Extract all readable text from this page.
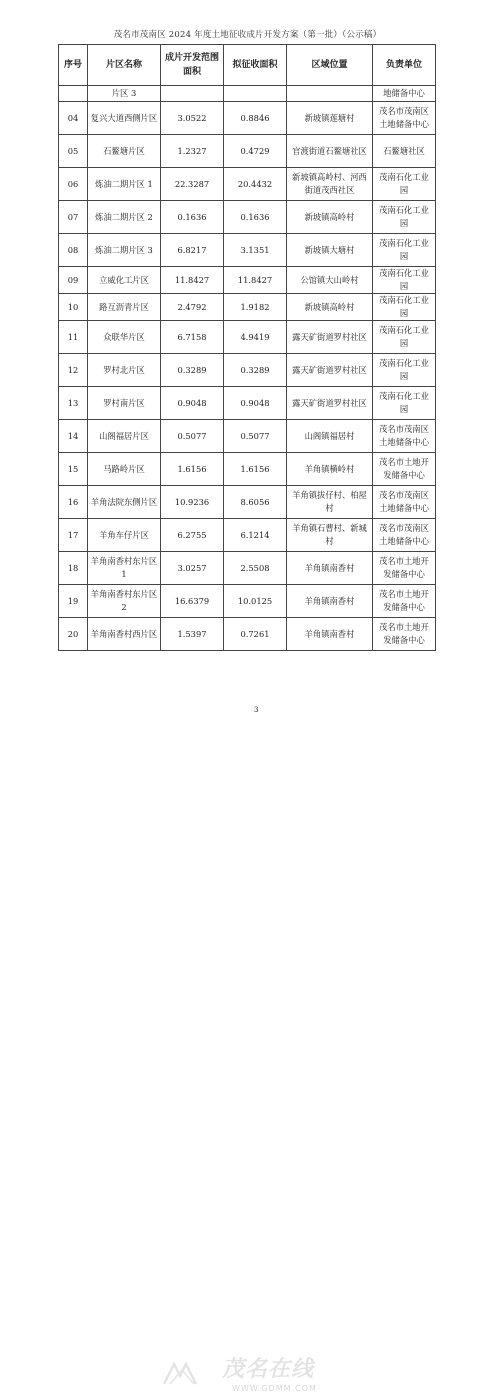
茂名市茂南区 2024 年度土地征收成片开发方案（第一批）（公示稿）
序号	片区名称	成片开发范围面积	拟征收面积	区域位置	负责单位
	片区 3				地储备中心
04	复兴大道西侧片区	3.0522	0.8846	新坡镇莲塘村	茂名市茂南区土地储备中心
05	石鳌塘片区	1.2327	0.4729	官渡街道石鳌塘社区	石鳌塘社区
06	炼油二期片区 1	22.3287	20.4432	新坡镇高岭村、河西街道茂西社区	茂南石化工业园
07	炼油二期片区 2	0.1636	0.1636	新坡镇高岭村	茂南石化工业园
08	炼油二期片区 3	6.8217	3.1351	新坡镇大塘村	茂南石化工业园
09	立威化工片区	11.8427	11.8427	公馆镇大山岭村	茂南石化工业园
10	路互沥青片区	2.4792	1.9182	新坡镇高岭村	茂南石化工业园
11	众联华片区	6.7158	4.9419	露天矿街道罗村社区	茂南石化工业园
12	罗村北片区	0.3289	0.3289	露天矿街道罗村社区	茂南石化工业园
13	罗村南片区	0.9048	0.9048	露天矿街道罗村社区	茂南石化工业园
14	山阁福居片区	0.5077	0.5077	山阁镇福居村	茂名市茂南区土地储备中心
15	马路岭片区	1.6156	1.6156	羊角镇横岭村	茂名市土地开发储备中心
16	羊角法院东侧片区	10.9236	8.6056	羊角镇拔仔村、柏屋村	茂名市茂南区土地储备中心
17	羊角车仔片区	6.2755	6.1214	羊角镇石曹村、新城村	茂名市茂南区土地储备中心
18	羊角南香村东片区 1	3.0257	2.5508	羊角镇南香村	茂名市土地开发储备中心
19	羊角南香村东片区 2	16.6379	10.0125	羊角镇南香村	茂名市土地开发储备中心
20	羊角南香村西片区	1.5397	0.7261	羊角镇南香村	茂名市土地开发储备中心
茂名在线
WWW.GDMM.COM
3
